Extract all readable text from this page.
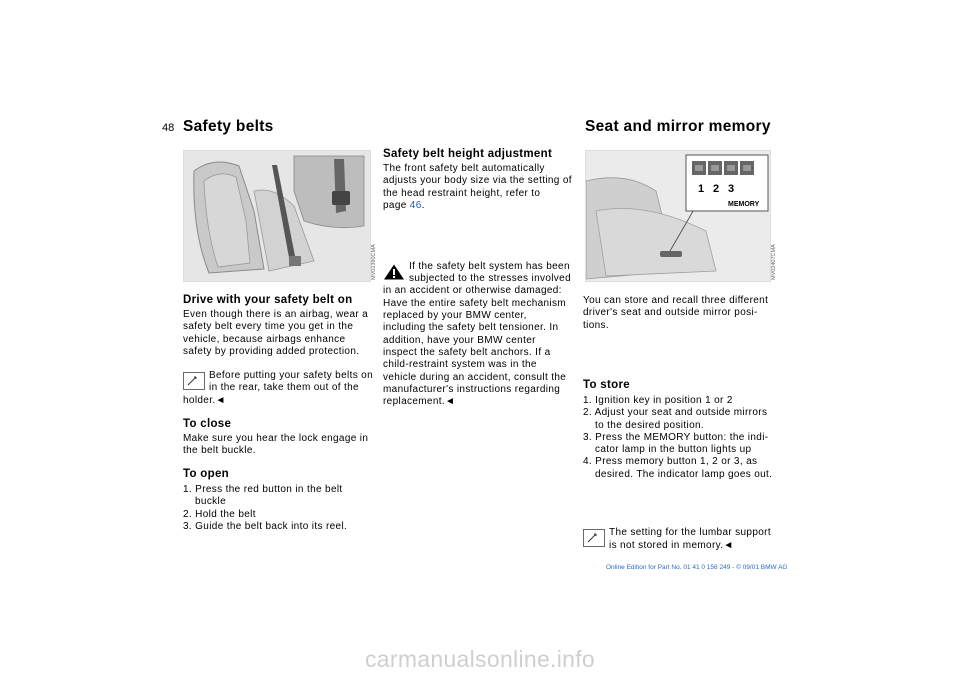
48 Safety belts	Seat and mirror memory
MV02390CMA
Drive with your safety belt on

Even though there is an airbag, wear a

safety belt every time you get in the

vehicle, because airbags enhance

safety by providing added protection.

Before putting your safety belts on

in the rear, take them out of the

holder.◄

To close

Make sure you hear the lock engage in

the belt buckle.

To open

1. Press the red button in the belt

buckle

2. Hold the belt

3. Guide the belt back into its reel.

Safety belt height adjustment

The front safety belt automatically

adjusts your body size via the setting of

the head restraint height, refer to

page 46.

If the safety belt system has been

subjected to the stresses involved

in an accident or otherwise damaged:

Have the entire safety belt mechanism

replaced by your BMW center,

including the safety belt tensioner. In

addition, have your BMW center

inspect the safety belt anchors. If a

child-restraint system was in the

vehicle during an accident, consult the

manufacturer's instructions regarding

replacement.◄

1 2 3
MEMORY
MV02407CMA

You can store and recall three different

driver's seat and outside mirror posi-

tions.

The setting for the lumbar support

is not stored in memory.◄

To store

1. Ignition key in position 1 or 2

2. Adjust your seat and outside mirrors

to the desired position.

3. Press the MEMORY button: the indi-

cator lamp in the button lights up

4. Press memory button 1, 2 or 3, as

desired. The indicator lamp goes out.

Online Edition for Part No. 01 41 0 156 249 - © 09/01 BMW AG
carmanualsonline.info
